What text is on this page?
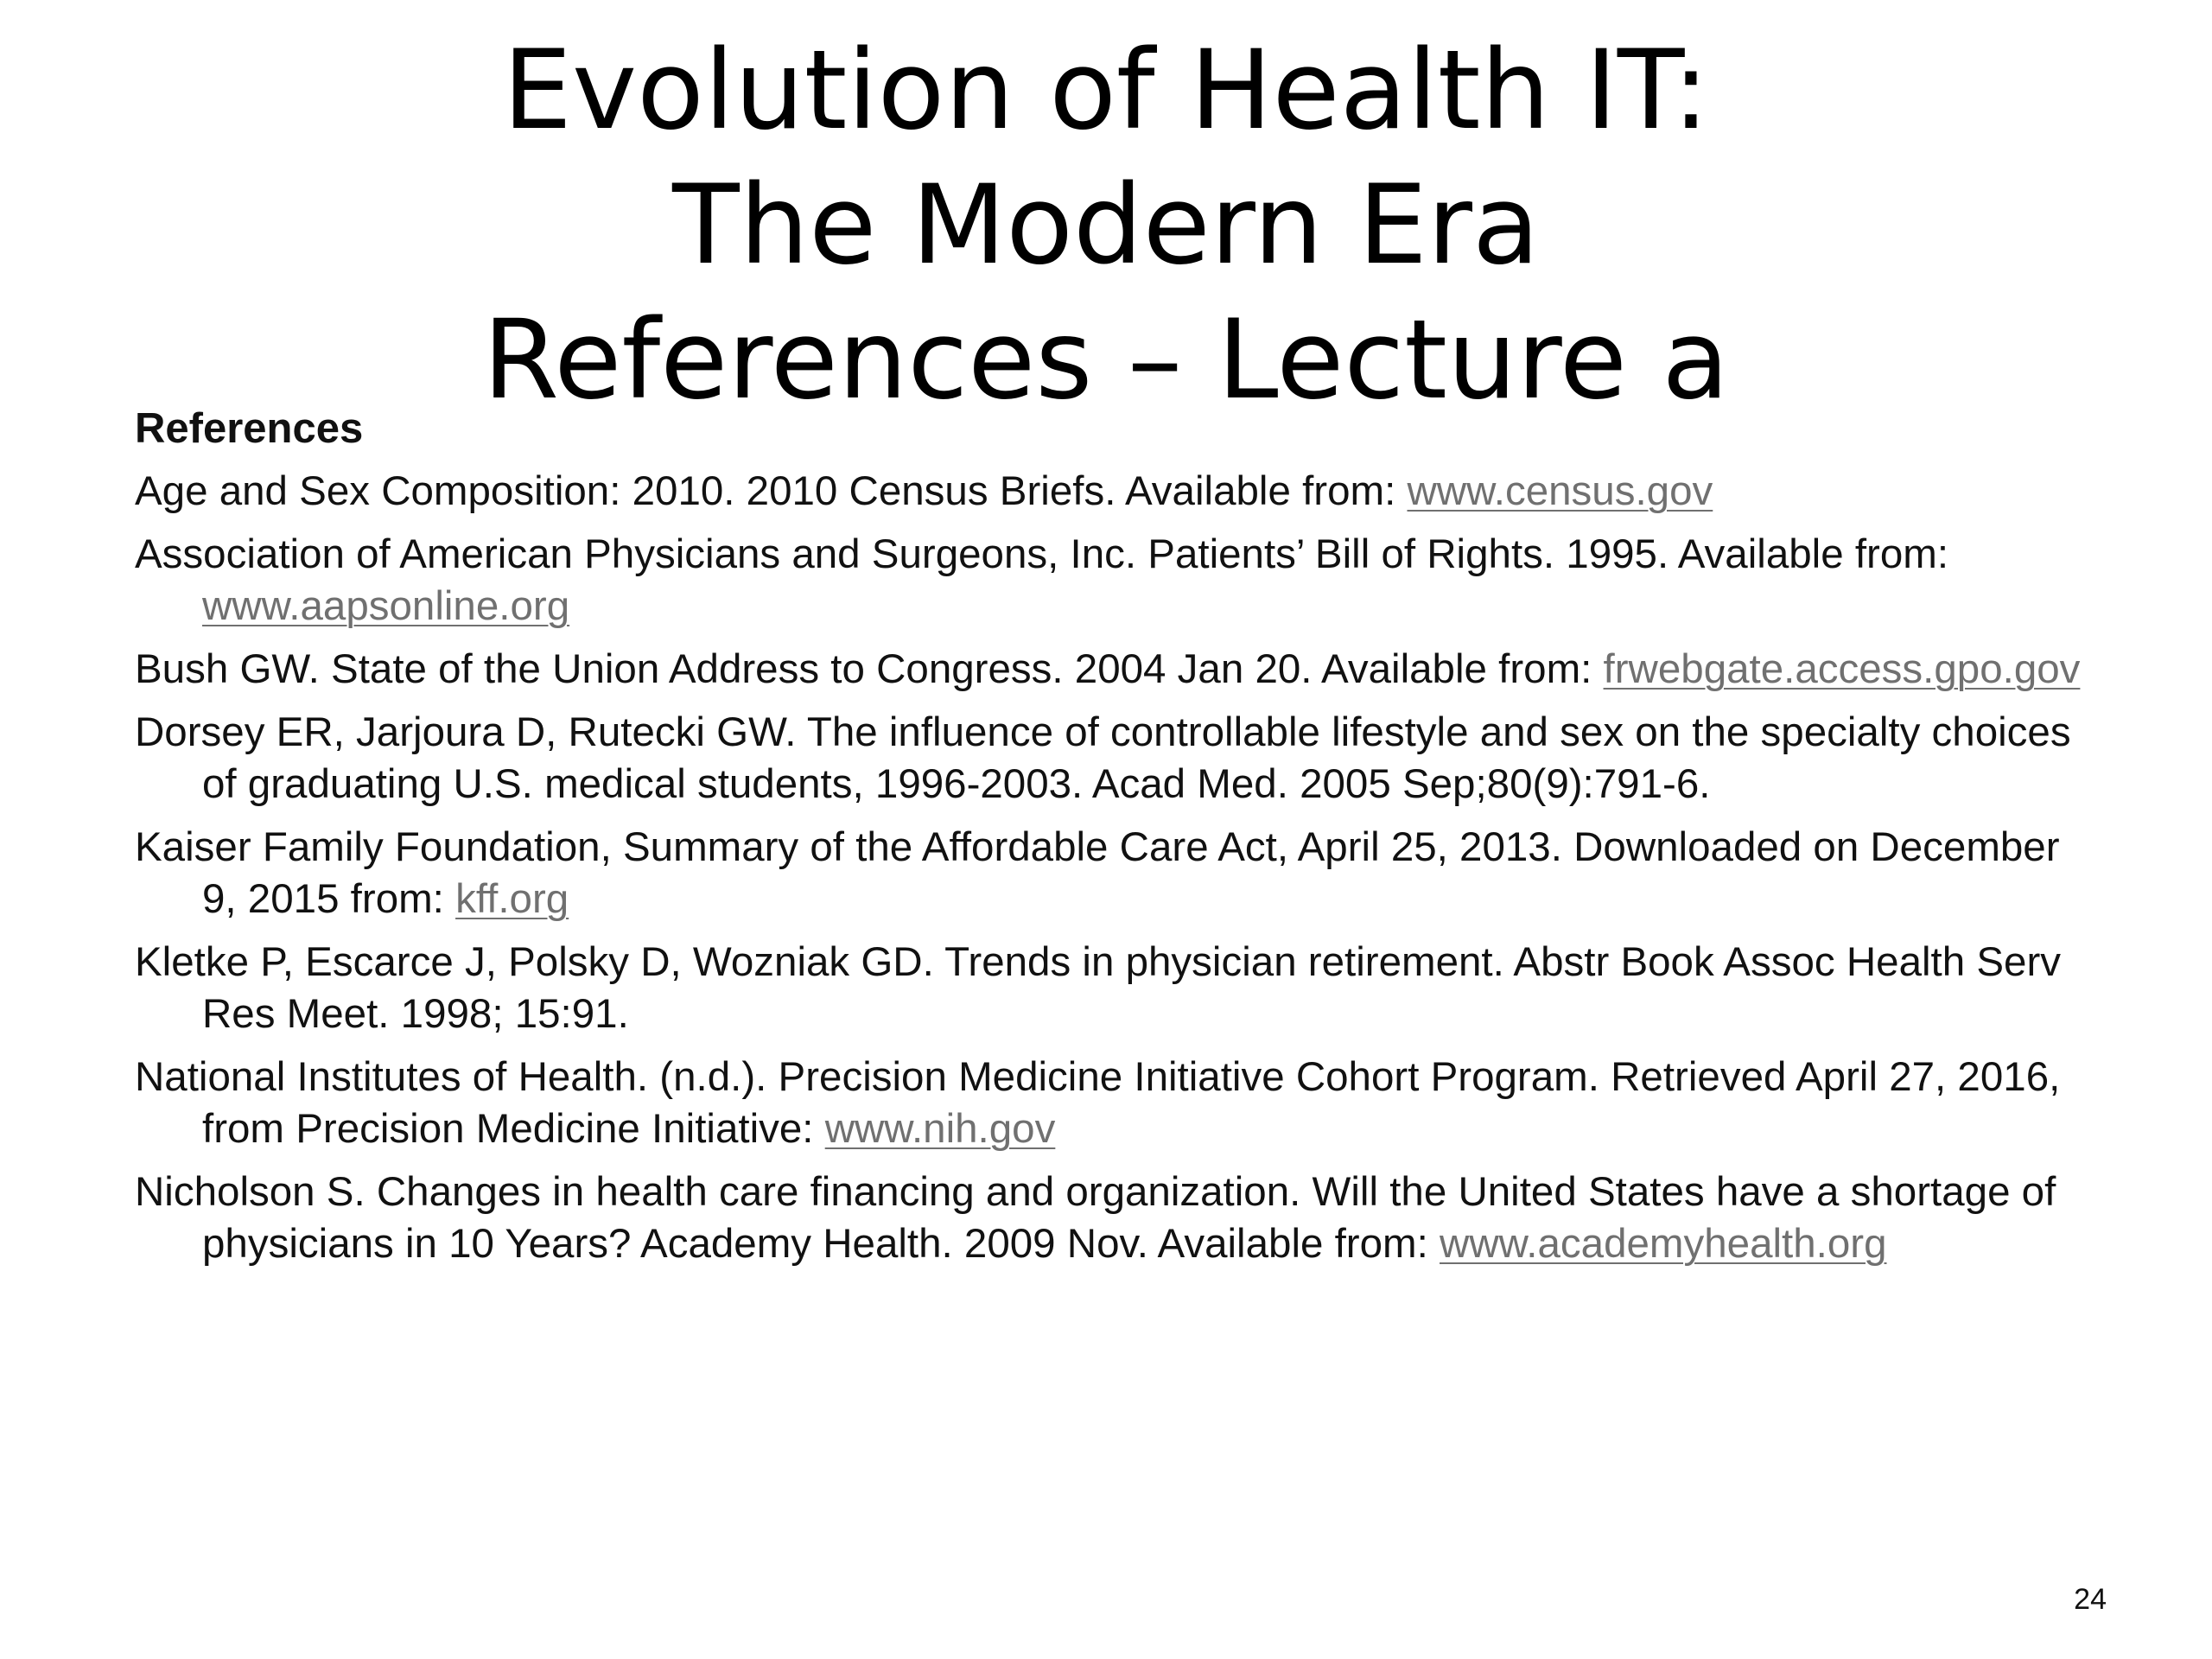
Evolution of Health IT:
The Modern Era
References – Lecture a
References
Age and Sex Composition: 2010. 2010 Census Briefs. Available from: www.census.gov
Association of American Physicians and Surgeons, Inc. Patients’ Bill of Rights. 1995. Available from: www.aapsonline.org
Bush GW. State of the Union Address to Congress. 2004 Jan 20. Available from: frwebgate.access.gpo.gov
Dorsey ER, Jarjoura D, Rutecki GW. The influence of controllable lifestyle and sex on the specialty choices of graduating U.S. medical students, 1996-2003. Acad Med. 2005 Sep;80(9):791-6.
Kaiser Family Foundation, Summary of the Affordable Care Act, April 25, 2013. Downloaded on December 9, 2015 from: kff.org
Kletke P, Escarce J, Polsky D, Wozniak GD. Trends in physician retirement. Abstr Book Assoc Health Serv Res Meet. 1998; 15:91.
National Institutes of Health. (n.d.). Precision Medicine Initiative Cohort Program. Retrieved April 27, 2016, from Precision Medicine Initiative: www.nih.gov
Nicholson S. Changes in health care financing and organization. Will the United States have a shortage of physicians in 10 Years? Academy Health. 2009 Nov. Available from: www.academyhealth.org
24
